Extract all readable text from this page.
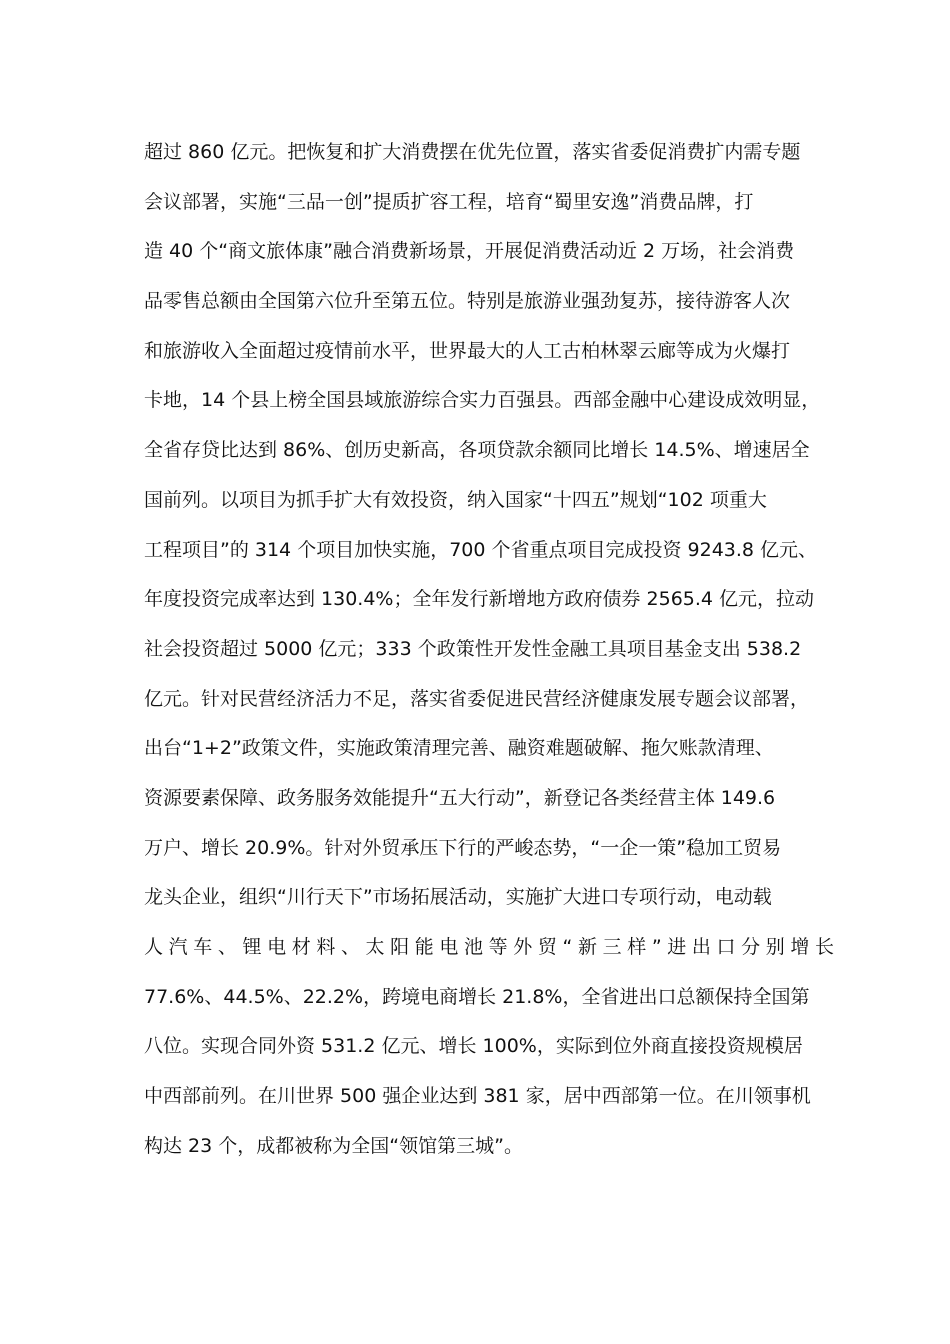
超过 860 亿元。把恢复和扩大消费摆在优先位置，落实省委促消费扩内需专题
会议部署，实施“三品一创”提质扩容工程，培育“蜀里安逸”消费品牌，打
造 40 个“商文旅体康”融合消费新场景，开展促消费活动近 2 万场，社会消费
品零售总额由全国第六位升至第五位。特别是旅游业强劲复苏，接待游客人次
和旅游收入全面超过疫情前水平，世界最大的人工古柏林翠云廊等成为火爆打
卡地，14 个县上榜全国县域旅游综合实力百强县。西部金融中心建设成效明显，
全省存贷比达到 86%、创历史新高，各项贷款余额同比增长 14.5%、增速居全
国前列。以项目为抓手扩大有效投资，纳入国家“十四五”规划“102 项重大
工程项目”的 314 个项目加快实施，700 个省重点项目完成投资 9243.8 亿元、
年度投资完成率达到 130.4%；全年发行新增地方政府债券 2565.4 亿元，拉动
社会投资超过 5000 亿元；333 个政策性开发性金融工具项目基金支出 538.2
亿元。针对民营经济活力不足，落实省委促进民营经济健康发展专题会议部署，
出台“1+2”政策文件，实施政策清理完善、融资难题破解、拖欠账款清理、
资源要素保障、政务服务效能提升“五大行动”，新登记各类经营主体 149.6
万户、增长 20.9%。针对外贸承压下行的严峻态势，“一企一策”稳加工贸易
龙头企业，组织“川行天下”市场拓展活动，实施扩大进口专项行动，电动载
人汽车、锂电材料、太阳能电池等外贸“新三样”进出口分别增长
77.6%、44.5%、22.2%，跨境电商增长 21.8%，全省进出口总额保持全国第
八位。实现合同外资 531.2 亿元、增长 100%，实际到位外商直接投资规模居
中西部前列。在川世界 500 强企业达到 381 家，居中西部第一位。在川领事机
构达 23 个，成都被称为全国“领馆第三城”。
